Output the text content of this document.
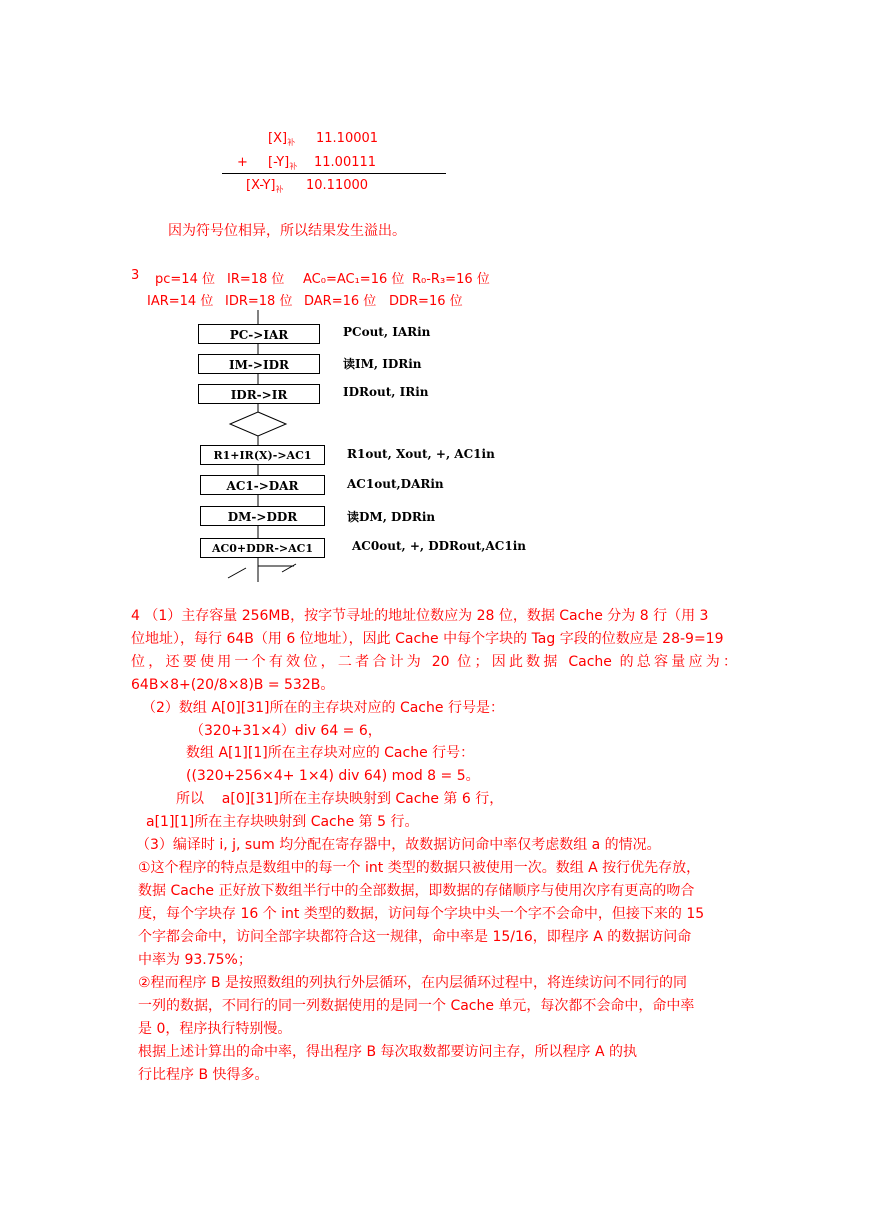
$[X]_补$ 11.10001
+ $[-Y]_补$ 11.00111
$[X-Y]_补$ 10.11000
因为符号位相异，所以结果发生溢出。
3 pc=14 位 IR=18 位 AC₀=AC₁=16 位 R₀-R₃=16 位
IAR=14 位 IDR=18 位 DAR=16 位 DDR=16 位
PC->IAR
IM->IDR
IDR->IR
R1+IR(X)->AC1
AC1->DAR
DM->DDR
AC0+DDR->AC1
PCout, IARin
读IM, IDRin
IDRout, IRin
R1out, Xout, +, AC1in
AC1out,DARin
读DM, DDRin
AC0out, +, DDRout,AC1in
4 （1）主存容量 256MB，按字节寻址的地址位数应为 28 位，数据 Cache 分为 8 行（用 3
位地址），每行 64B（用 6 位地址），因此 Cache 中每个字块的 Tag 字段的位数应是 28-9=19
位，还要使用一个有效位，二者合计为 20 位；因此数据 Cache 的总容量应为：
64B×8+(20/8×8)B = 532B。
（2）数组 A[0][31]所在的主存块对应的 Cache 行号是：
（320+31×4）div 64 = 6，
数组 A[1][1]所在主存块对应的 Cache 行号：
((320+256×4+ 1×4) div 64) mod 8 = 5。
所以    a[0][31]所在主存块映射到 Cache 第 6 行，
a[1][1]所在主存块映射到 Cache 第 5 行。
（3）编译时 i, j, sum 均分配在寄存器中，故数据访问命中率仅考虑数组 a 的情况。
①这个程序的特点是数组中的每一个 int 类型的数据只被使用一次。数组 A 按行优先存放，
数据 Cache 正好放下数组半行中的全部数据，即数据的存储顺序与使用次序有更高的吻合
度，每个字块存 16 个 int 类型的数据，访问每个字块中头一个字不会命中，但接下来的 15
个字都会命中，访问全部字块都符合这一规律，命中率是 15/16，即程序 A 的数据访问命
中率为 93.75%；
②程而程序 B 是按照数组的列执行外层循环，在内层循环过程中，将连续访问不同行的同
一列的数据，不同行的同一列数据使用的是同一个 Cache 单元，每次都不会命中，命中率
是 0，程序执行特别慢。
根据上述计算出的命中率，得出程序 B 每次取数都要访问主存，所以程序 A 的执
行比程序 B 快得多。
